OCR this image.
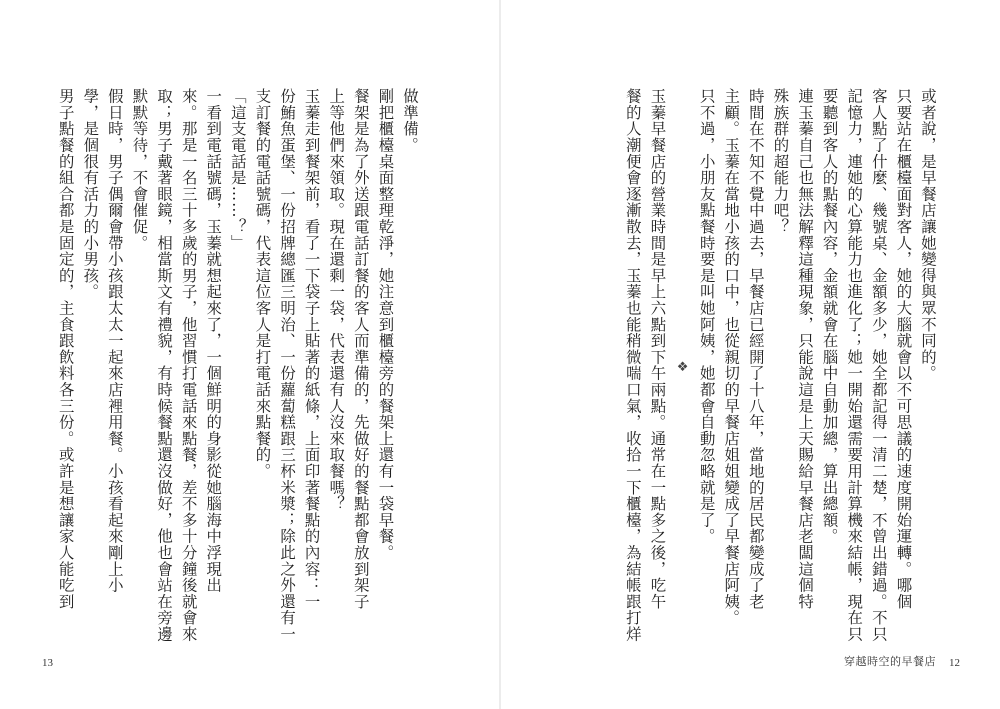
做準備。
剛把櫃檯桌面整理乾淨，她注意到櫃檯旁的餐架上還有一袋早餐。
餐架是為了外送跟電話訂餐的客人而準備的，先做好的餐點都會放到架子
上等他們來領取。現在還剩一袋，代表還有人沒來取餐嗎？
玉蓁走到餐架前，看了一下袋子上貼著的紙條，上面印著餐點的內容：一
份鮪魚蛋堡、一份招牌總匯三明治、一份蘿蔔糕跟三杯米漿；除此之外還有一
支訂餐的電話號碼，代表這位客人是打電話來點餐的。
「這支電話是……？」
一看到電話號碼，玉蓁就想起來了，一個鮮明的身影從她腦海中浮現出
來。那是一名三十多歲的男子，他習慣打電話來點餐，差不多十分鐘後就會來
取；男子戴著眼鏡，相當斯文有禮貌，有時候餐點還沒做好，他也會站在旁邊
默默等待，不會催促。
假日時，男子偶爾會帶小孩跟太太一起來店裡用餐。小孩看起來剛上小
學，是個很有活力的小男孩。
男子點餐的組合都是固定的，主食跟飲料各三份。或許是想讓家人能吃到
13
或者說，是早餐店讓她變得與眾不同的。
只要站在櫃檯面對客人，她的大腦就會以不可思議的速度開始運轉。哪個
客人點了什麼、幾號桌、金額多少，她全都記得一清二楚，不曾出錯過。不只
記憶力，連她的心算能力也進化了；她一開始還需要用計算機來結帳，現在只
要聽到客人的點餐內容，金額就會在腦中自動加總，算出總額。
連玉蓁自己也無法解釋這種現象，只能說這是上天賜給早餐店老闆這個特
殊族群的超能力吧？
時間在不知不覺中過去，早餐店已經開了十八年，當地的居民都變成了老
主顧。玉蓁在當地小孩的口中，也從親切的早餐店姐姐變成了早餐店阿姨。
只不過，小朋友點餐時要是叫她阿姨，她都會自動忽略就是了。
❖
玉蓁早餐店的營業時間是早上六點到下午兩點。通常在一點多之後，吃午
餐的人潮便會逐漸散去，玉蓁也能稍微喘口氣，收拾一下櫃檯，為結帳跟打烊
穿越時空的早餐店 12
